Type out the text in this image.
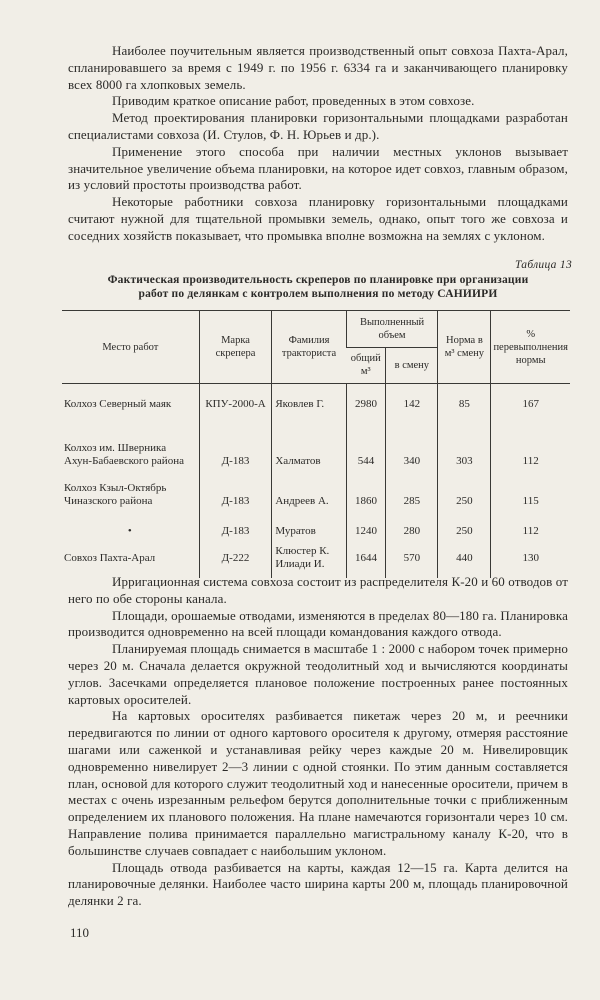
Наиболее поучительным является производственный опыт совхоза Пахта-Арал, спланировавшего за время с 1949 г. по 1956 г. 6334 га и заканчивающего планировку всех 8000 га хлопковых земель.

Приводим краткое описание работ, проведенных в этом совхозе.

Метод проектирования планировки горизонтальными площадками разработан специалистами совхоза (И. Стулов, Ф. Н. Юрьев и др.).

Применение этого способа при наличии местных уклонов вызывает значительное увеличение объема планировки, на которое идет совхоз, главным образом, из условий простоты производства работ.

Некоторые работники совхоза планировку горизонтальными площадками считают нужной для тщательной промывки земель, однако, опыт того же совхоза и соседних хозяйств показывает, что промывка вполне возможна на землях с уклоном.

Таблица 13
Фактическая производительность скреперов по планировке при организации
работ по делянкам с контролем выполнения по методу САНИИРИ
Место работ	Марка скрепера	Фамилия тракториста	Выполненный объем		Норма в м³ смену	% перевыполнения нормы
			общий м³	в смену		
Колхоз Северный маяк	КПУ-2000-А	Яковлев Г.	2980	142	85	167
Колхоз им. Шверника Ахун-Бабаевского района	Д-183	Халматов	544	340	303	112
Колхоз Кзыл-Октябрь Чиназского района	Д-183	Андреев А.	1860	285	250	115
•	Д-183	Муратов	1240	280	250	112
Совхоз Пахта-Арал	Д-222	Клюстер К. Илиади И.	1644	570	440	130

Ирригационная система совхоза состоит из распределителя К-20 и 60 отводов от него по обе стороны канала.

Площади, орошаемые отводами, изменяются в пределах 80—180 га. Планировка производится одновременно на всей площади командования каждого отвода.

Планируемая площадь снимается в масштабе 1 : 2000 с набором точек примерно через 20 м. Сначала делается окружной теодолитный ход и вычисляются координаты углов. Засечками определяется плановое положение построенных ранее постоянных картовых оросителей.

На картовых оросителях разбивается пикетаж через 20 м, и реечники передвигаются по линии от одного картового оросителя к другому, отмеряя расстояние шагами или саженкой и устанавливая рейку через каждые 20 м. Нивелировщик одновременно нивелирует 2—3 линии с одной стоянки. По этим данным составляется план, основой для которого служит теодолитный ход и нанесенные оросители, причем в местах с очень изрезанным рельефом берутся дополнительные точки с приближенным определением их планового положения. На плане намечаются горизонтали через 10 см. Направление полива принимается параллельно магистральному каналу К-20, что в большинстве случаев совпадает с наибольшим уклоном.

Площадь отвода разбивается на карты, каждая 12—15 га. Карта делится на планировочные делянки. Наиболее часто ширина карты 200 м, площадь планировочной делянки 2 га.

110
